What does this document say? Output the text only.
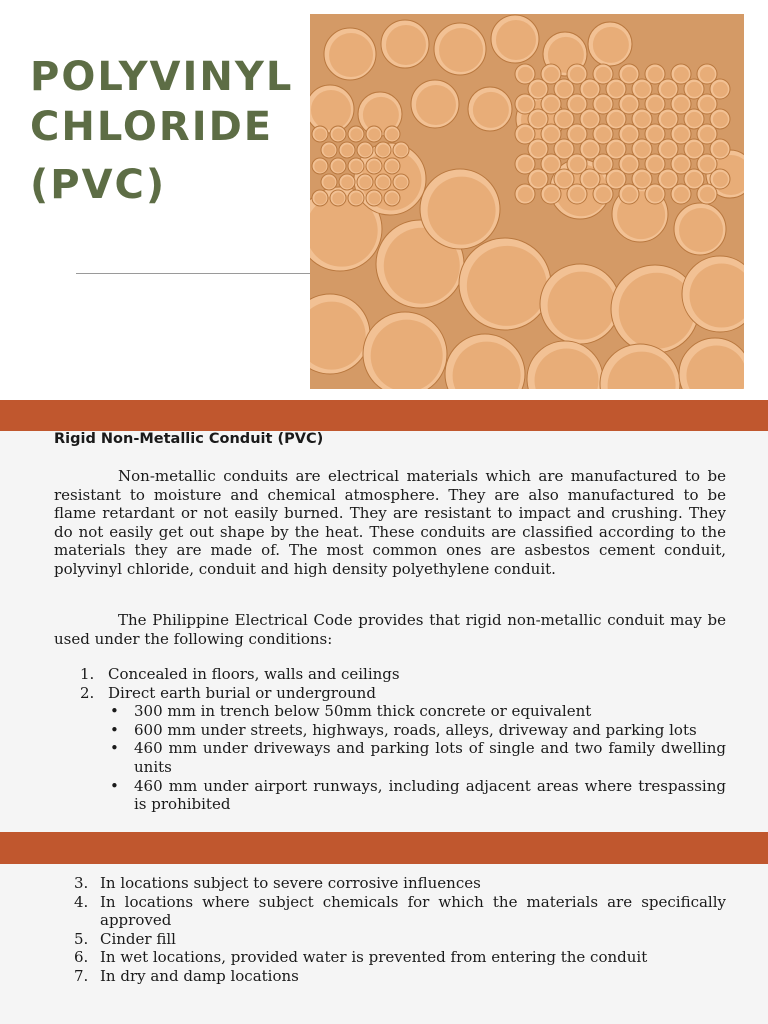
POLYVINYL
CHLORIDE
(PVC)
Rigid Non-Metallic Conduit (PVC)

Non-metallic conduits are electrical materials which are manufactured to be resistant to moisture and chemical atmosphere. They are also manufactured to be flame retardant or not easily burned. They are resistant to impact and crushing. They do not easily get out shape by the heat. These conduits are classified according to the materials they are made of. The most common ones are asbestos cement conduit, polyvinyl chloride, conduit and high density polyethylene conduit.

The Philippine Electrical Code provides that rigid non-metallic conduit may be used under the following conditions:

1. Concealed in floors, walls and ceilings
2. Direct earth burial or underground
• 300 mm in trench below 50mm thick concrete or equivalent
• 600 mm under streets, highways, roads, alleys, driveway and parking lots
• 460 mm under driveways and parking lots of single and two family dwelling units
• 460 mm under airport runways, including adjacent areas where trespassing is prohibited
3. In locations subject to severe corrosive influences
4. In locations where subject chemicals for which the materials are specifically approved
5. Cinder fill
6. In wet locations, provided water is prevented from entering the conduit
7. In dry and damp locations
